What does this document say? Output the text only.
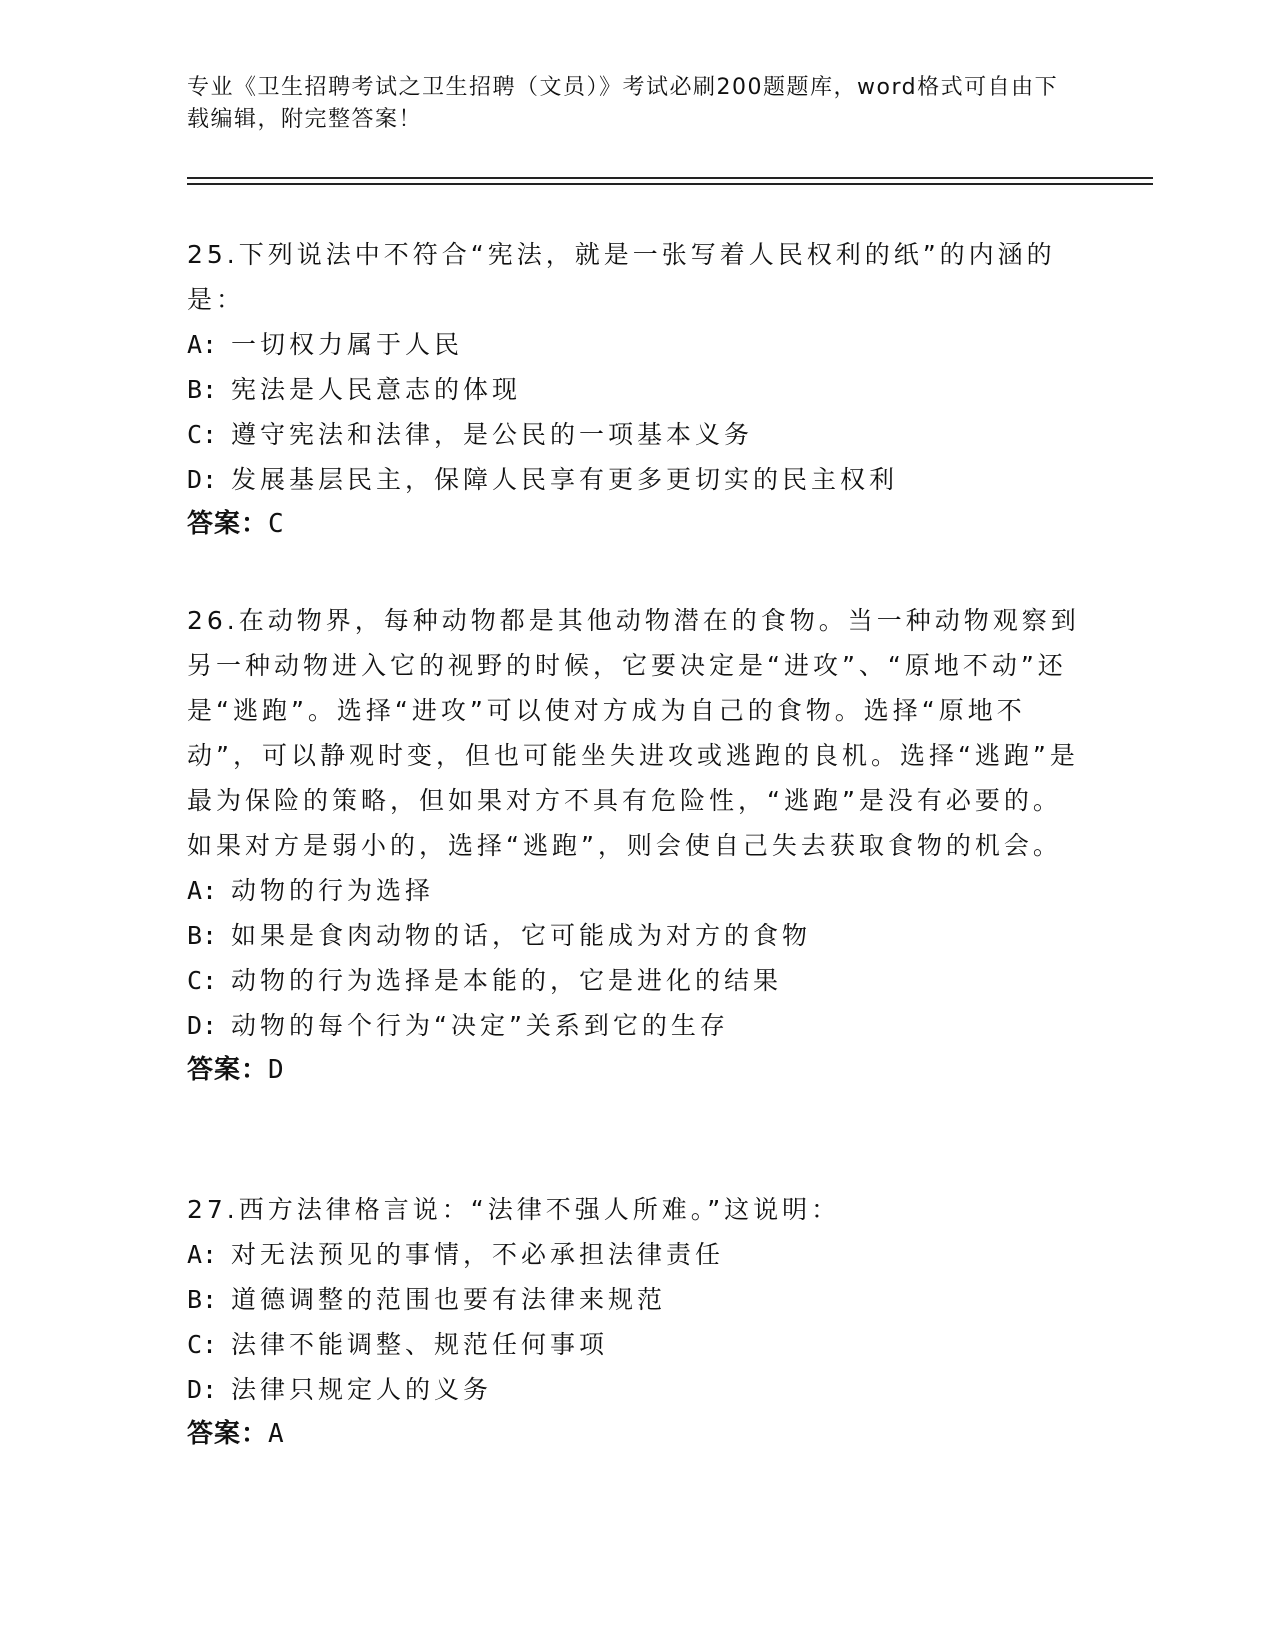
专业《卫生招聘考试之卫生招聘（文员）》考试必刷200题题库，word格式可自由下载编辑，附完整答案！

25.下列说法中不符合“宪法，就是一张写着人民权利的纸”的内涵的是：

A: 一切权力属于人民

B: 宪法是人民意志的体现

C: 遵守宪法和法律，是公民的一项基本义务

D: 发展基层民主，保障人民享有更多更切实的民主权利

答案：C

26.在动物界，每种动物都是其他动物潜在的食物。当一种动物观察到另一种动物进入它的视野的时候，它要决定是“进攻”、“原地不动”还是“逃跑”。选择“进攻”可以使对方成为自己的食物。选择“原地不动”，可以静观时变，但也可能坐失进攻或逃跑的良机。选择“逃跑”是最为保险的策略，但如果对方不具有危险性，“逃跑”是没有必要的。如果对方是弱小的，选择“逃跑”，则会使自己失去获取食物的机会。

A: 动物的行为选择

B: 如果是食肉动物的话，它可能成为对方的食物

C: 动物的行为选择是本能的，它是进化的结果

D: 动物的每个行为“决定”关系到它的生存

答案：D

27.西方法律格言说：“法律不强人所难。”这说明：

A: 对无法预见的事情，不必承担法律责任

B: 道德调整的范围也要有法律来规范

C: 法律不能调整、规范任何事项

D: 法律只规定人的义务

答案：A
